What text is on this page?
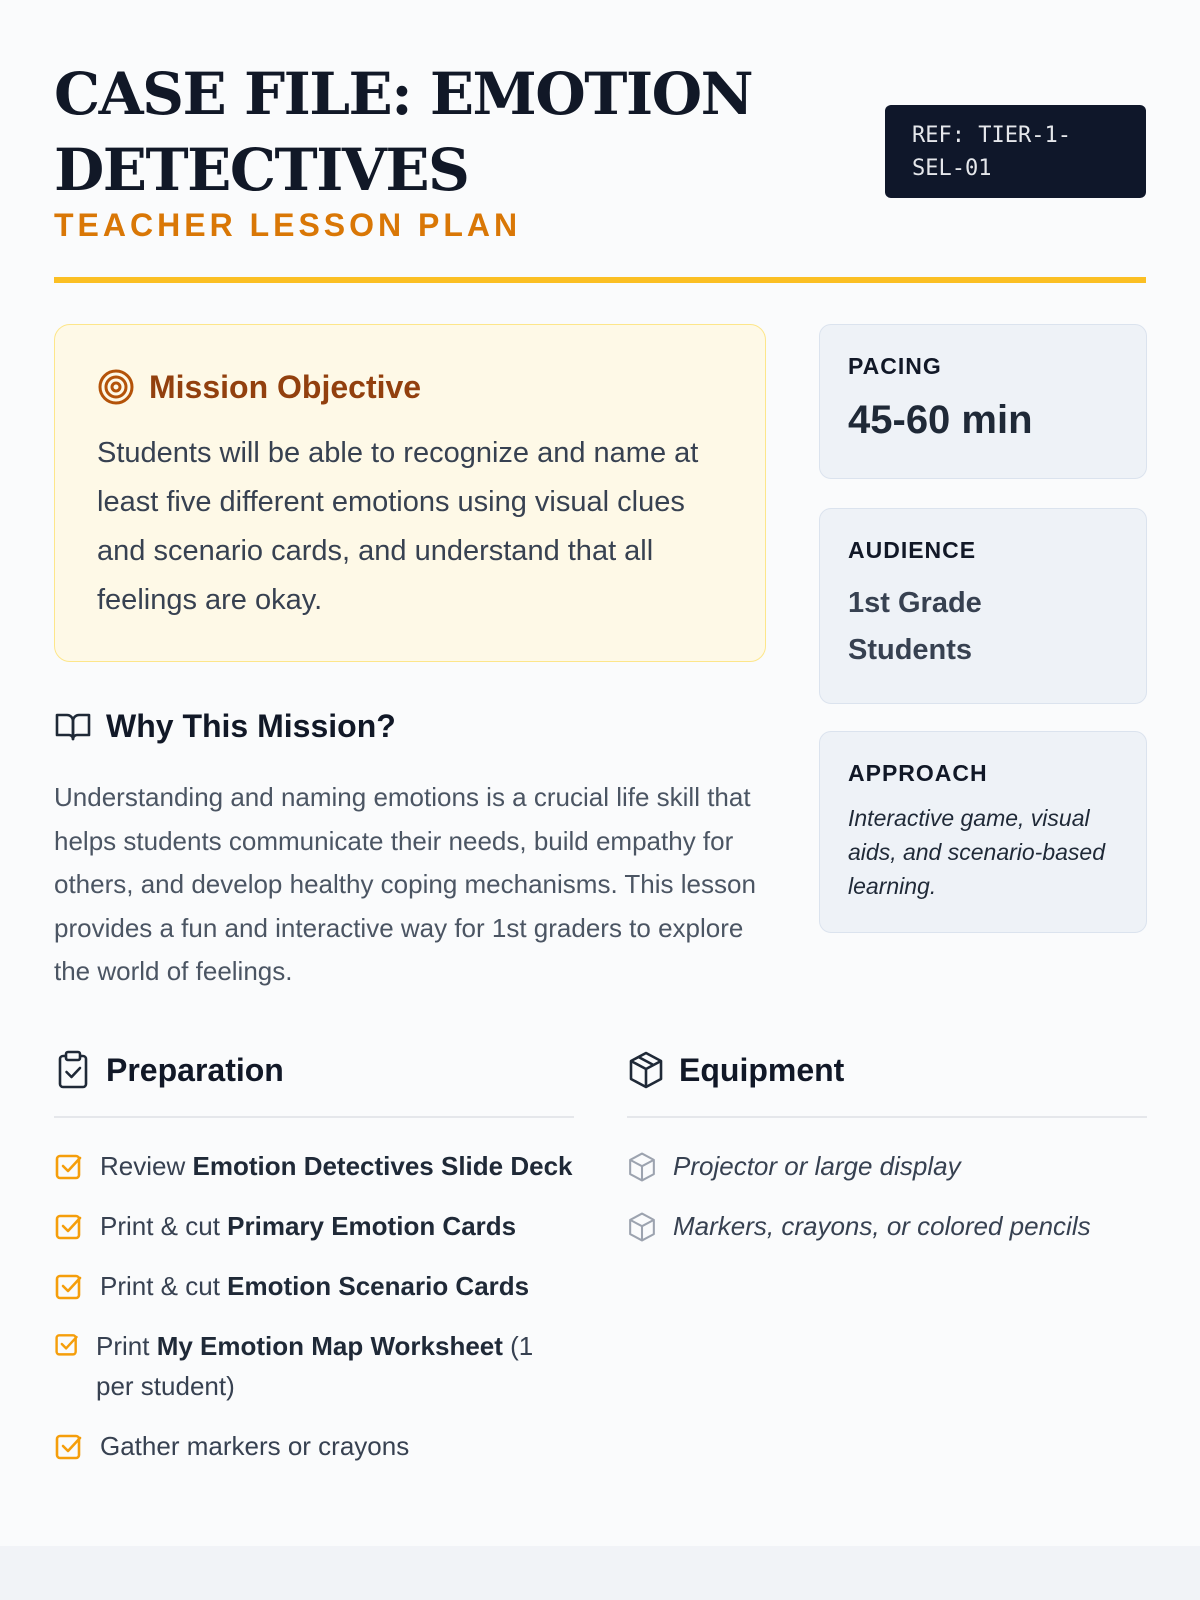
CASE FILE: EMOTION
DETECTIVES
TEACHER LESSON PLAN
REF: TIER-1-
SEL-01
Mission Objective

Students will be able to recognize and name at least five different emotions using visual clues and scenario cards, and understand that all feelings are okay.

Why This Mission?

Understanding and naming emotions is a crucial life skill that helps students communicate their needs, build empathy for others, and develop healthy coping mechanisms. This lesson provides a fun and interactive way for 1st graders to explore the world of feelings.

PACING
45-60 min
AUDIENCE
1st Grade
Students
APPROACH
Interactive game, visual aids, and scenario-based learning.
Preparation
Review Emotion Detectives Slide Deck
Print & cut Primary Emotion Cards
Print & cut Emotion Scenario Cards
Print My Emotion Map Worksheet (1 per student)
Gather markers or crayons
Equipment
Projector or large display
Markers, crayons, or colored pencils
